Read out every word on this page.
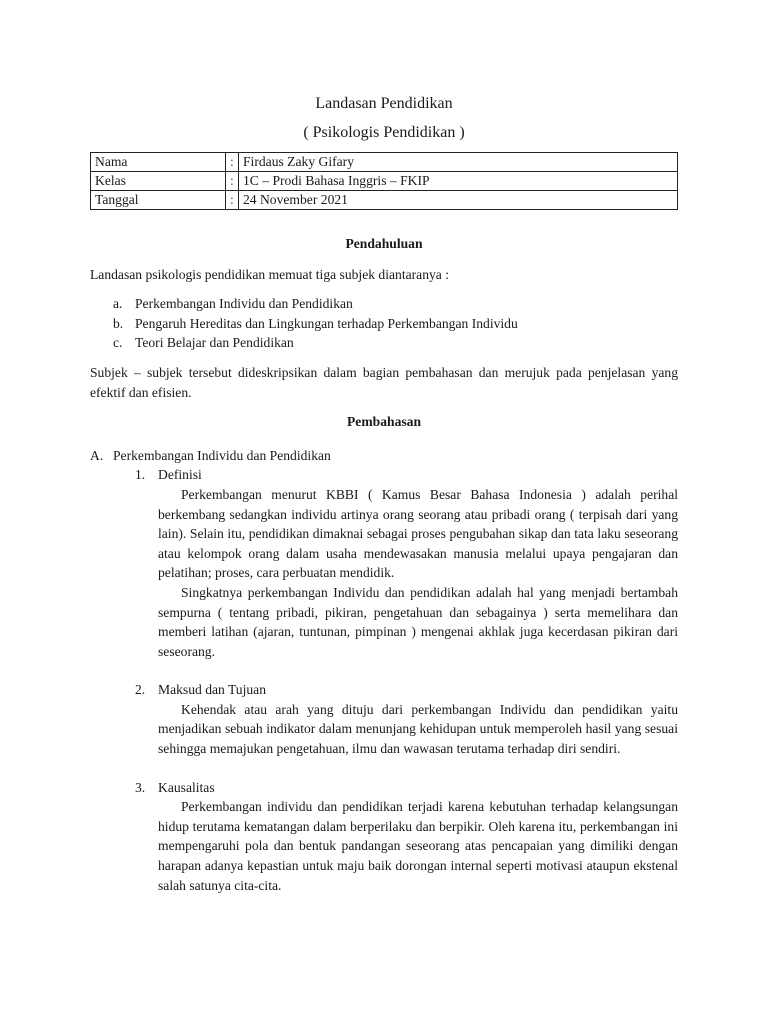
Landasan Pendidikan
( Psikologis Pendidikan )
Nama	:	Firdaus Zaky Gifary
Kelas	:	1C – Prodi Bahasa Inggris – FKIP
Tanggal	:	24 November 2021
Pendahuluan

Landasan psikologis pendidikan memuat tiga subjek diantaranya :

a. Perkembangan Individu dan Pendidikan
b. Pengaruh Hereditas dan Lingkungan terhadap Perkembangan Individu
c. Teori Belajar dan Pendidikan

Subjek – subjek tersebut dideskripsikan dalam bagian pembahasan dan merujuk pada penjelasan yang efektif dan efisien.

Pembahasan
A. Perkembangan Individu dan Pendidikan
1. Definisi

Perkembangan menurut KBBI ( Kamus Besar Bahasa Indonesia ) adalah perihal berkembang sedangkan individu artinya orang seorang atau pribadi orang ( terpisah dari yang lain). Selain itu, pendidikan dimaknai sebagai proses pengubahan sikap dan tata laku seseorang atau kelompok orang dalam usaha mendewasakan manusia melalui upaya pengajaran dan pelatihan; proses, cara perbuatan mendidik.

Singkatnya perkembangan Individu dan pendidikan adalah hal yang menjadi bertambah sempurna ( tentang pribadi, pikiran, pengetahuan dan sebagainya ) serta memelihara dan memberi latihan (ajaran, tuntunan, pimpinan ) mengenai akhlak juga kecerdasan pikiran dari seseorang.

2. Maksud dan Tujuan

Kehendak atau arah yang dituju dari perkembangan Individu dan pendidikan yaitu menjadikan sebuah indikator dalam menunjang kehidupan untuk memperoleh hasil yang sesuai sehingga memajukan pengetahuan, ilmu dan wawasan terutama terhadap diri sendiri.

3. Kausalitas

Perkembangan individu dan pendidikan terjadi karena kebutuhan terhadap kelangsungan hidup terutama kematangan dalam berperilaku dan berpikir. Oleh karena itu, perkembangan ini mempengaruhi pola dan bentuk pandangan seseorang atas pencapaian yang dimiliki dengan harapan adanya kepastian untuk maju baik dorongan internal seperti motivasi ataupun ekstenal salah satunya cita-cita.
